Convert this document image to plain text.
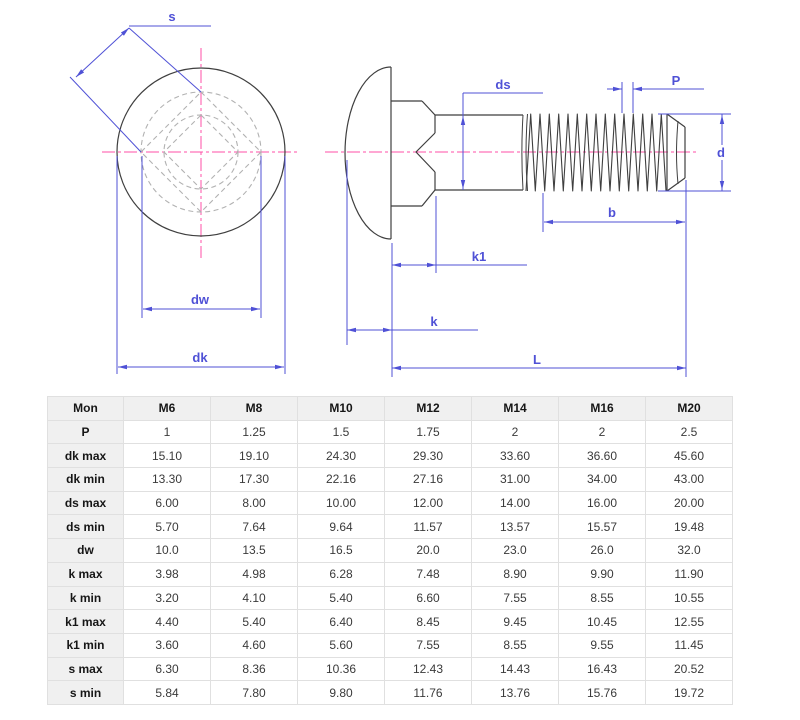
s
dw
dk
ds	P
d
b
k1
k
L
Mon	M6	M8	M10	M12	M14	M16	M20
P	1	1.25	1.5	1.75	2	2	2.5
dk max	15.10	19.10	24.30	29.30	33.60	36.60	45.60
dk min	13.30	17.30	22.16	27.16	31.00	34.00	43.00
ds max	6.00	8.00	10.00	12.00	14.00	16.00	20.00
ds min	5.70	7.64	9.64	11.57	13.57	15.57	19.48
dw	10.0	13.5	16.5	20.0	23.0	26.0	32.0
k max	3.98	4.98	6.28	7.48	8.90	9.90	11.90
k min	3.20	4.10	5.40	6.60	7.55	8.55	10.55
k1 max	4.40	5.40	6.40	8.45	9.45	10.45	12.55
k1 min	3.60	4.60	5.60	7.55	8.55	9.55	11.45
s max	6.30	8.36	10.36	12.43	14.43	16.43	20.52
s min	5.84	7.80	9.80	11.76	13.76	15.76	19.72
